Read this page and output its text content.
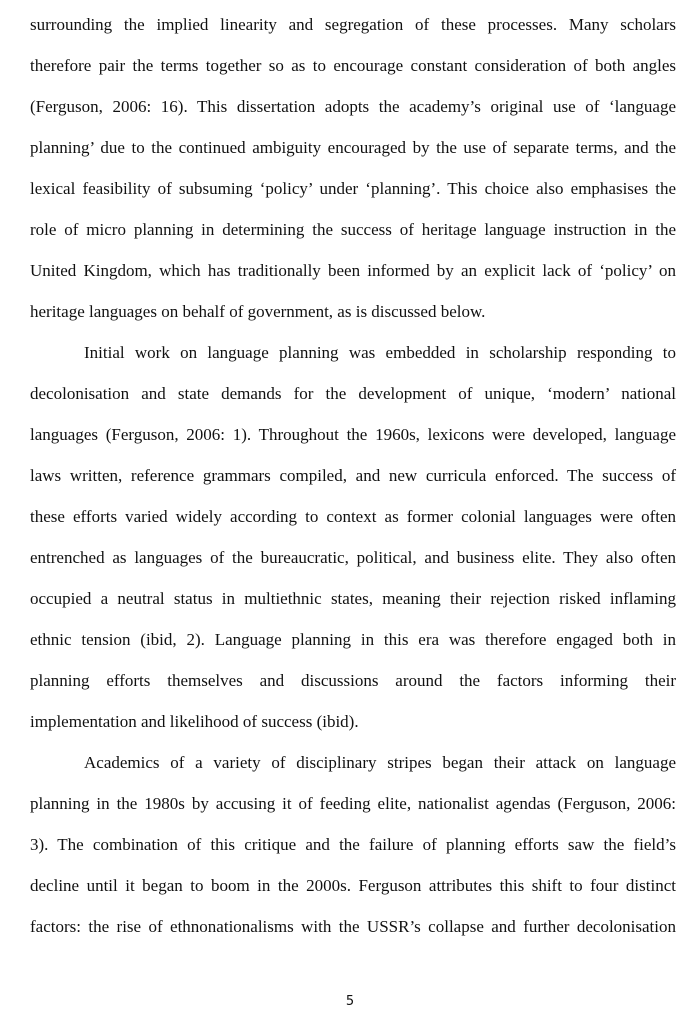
surrounding the implied linearity and segregation of these processes. Many scholars
therefore pair the terms together so as to encourage constant consideration of both angles
(Ferguson, 2006: 16). This dissertation adopts the academy’s original use of ‘language
planning’ due to the continued ambiguity encouraged by the use of separate terms, and the
lexical feasibility of subsuming ‘policy’ under ‘planning’. This choice also emphasises the
role of micro planning in determining the success of heritage language instruction in the
United Kingdom, which has traditionally been informed by an explicit lack of ‘policy’ on
heritage languages on behalf of government, as is discussed below.
Initial work on language planning was embedded in scholarship responding to
decolonisation and state demands for the development of unique, ‘modern’ national
languages (Ferguson, 2006: 1). Throughout the 1960s, lexicons were developed, language
laws written, reference grammars compiled, and new curricula enforced. The success of
these efforts varied widely according to context as former colonial languages were often
entrenched as languages of the bureaucratic, political, and business elite. They also often
occupied a neutral status in multiethnic states, meaning their rejection risked inflaming
ethnic tension (ibid, 2). Language planning in this era was therefore engaged both in
planning efforts themselves and discussions around the factors informing their
implementation and likelihood of success (ibid).
Academics of a variety of disciplinary stripes began their attack on language
planning in the 1980s by accusing it of feeding elite, nationalist agendas (Ferguson, 2006:
3). The combination of this critique and the failure of planning efforts saw the field’s
decline until it began to boom in the 2000s. Ferguson attributes this shift to four distinct
factors: the rise of ethnonationalisms with the USSR’s collapse and further decolonisation
5
